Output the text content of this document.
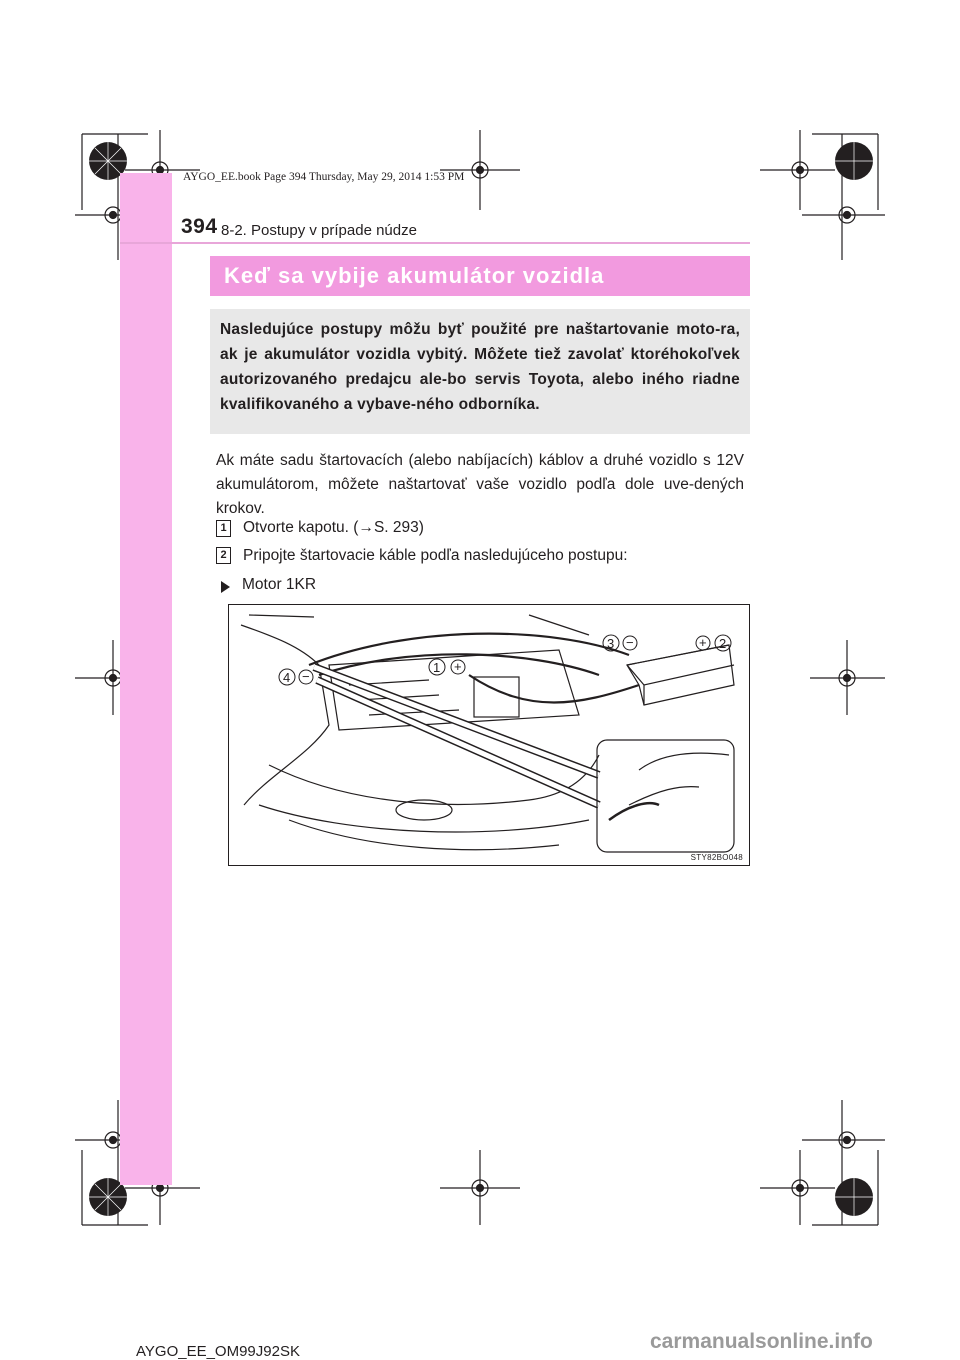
AYGO_EE.book Page 394 Thursday, May 29, 2014 1:53 PM
394 8-2. Postupy v prípade núdze
Keď sa vybije akumulátor vozidla

Nasledujúce postupy môžu byť použité pre naštartovanie moto-ra, ak je akumulátor vozidla vybitý. Môžete tiež zavolať ktoréhokoľvek autorizovaného predajcu ale-bo servis Toyota, alebo iného riadne kvalifikovaného a vybave-ného odborníka.

Ak máte sadu štartovacích (alebo nabíjacích) káblov a druhé vozidlo s 12V akumulátorom, môžete naštartovať vaše vozidlo podľa dole uve-dených krokov.

1 Otvorte kapotu. (→S. 293)
2 Pripojte štartovacie káble podľa nasledujúceho postupu:
Motor 1KR
1 +
2
+
3 −
4 −
STY82BO048
AYGO_EE_OM99J92SK	carmanualsonline.info
